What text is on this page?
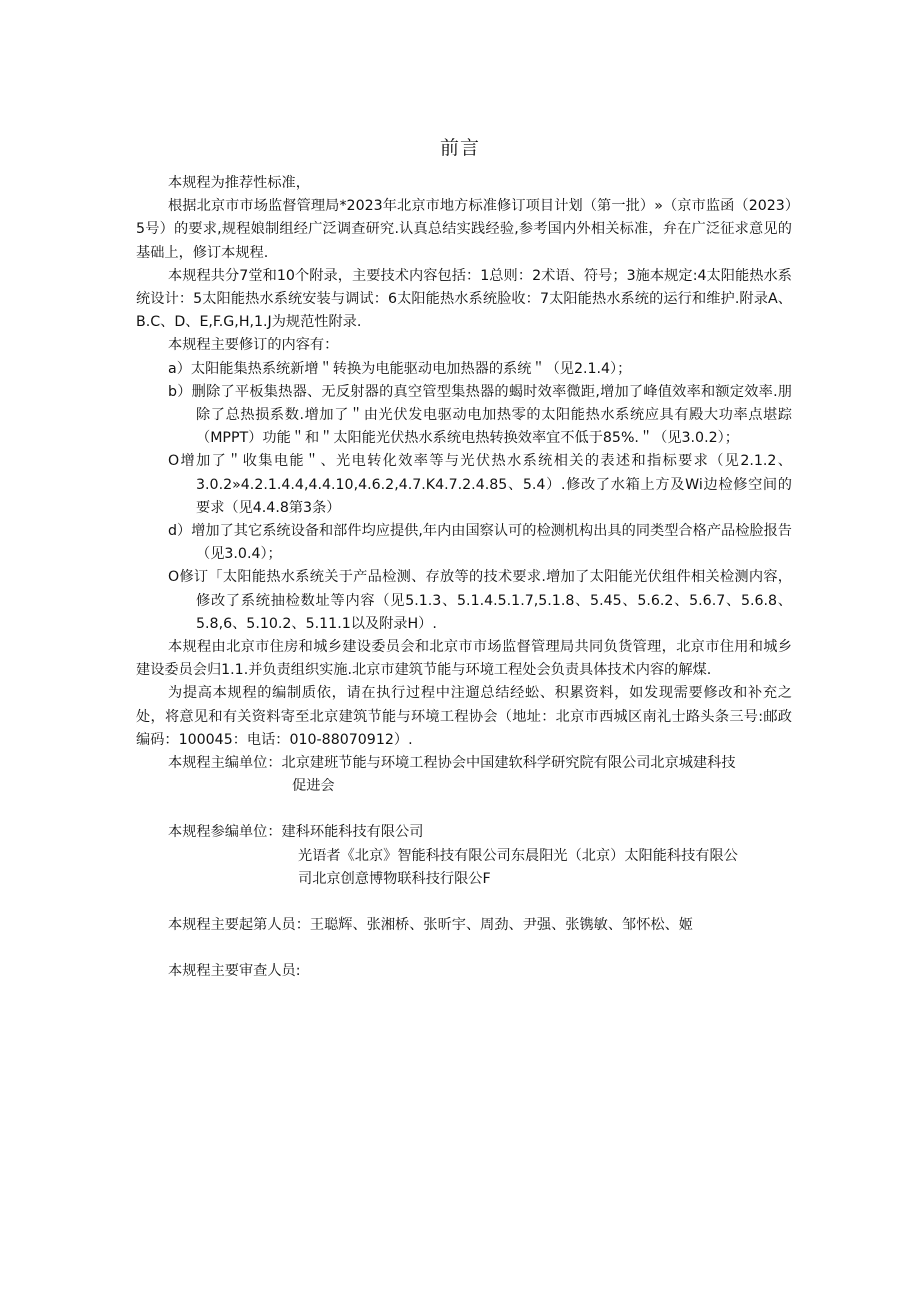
前言

本规程为推荐性标准，

根据北京市市场监督管理局*2023年北京市地方标准修订项目计划（第一批）»（京市监函（2023）5号）的要求,规程娘制组经广泛调查研究.认真总结实践经验,参考国内外相关标准，弁在广泛征求意见的基础上，修订本规程.

本规程共分7堂和10个附录，主要技术内容包括：1总则：2术语、符号；3施本规定:4太阳能热水系统设计：5太阳能热水系统安装与调试：6太阳能热水系统脸收：7太阳能热水系统的运行和维护.附录A、B.C、D、E,F.G,H,1.J为规范性附录.

本规程主要修订的内容有：

a）太阳能集热系统新增＂转换为电能驱动电加热器的系统＂（见2.1.4）；

b）删除了平板集热器、无反射器的真空管型集热器的蝎时效率微距,增加了峰值效率和额定效率.朋除了总热损系数.增加了＂由光伏发电驱动电加热零的太阳能热水系统应具有殿大功率点堪踪（MPPT）功能＂和＂太阳能光伏热水系统电热转换效率宜不低于85%.＂（见3.0.2）；

O增加了＂收集电能＂、光电转化效率等与光伏热水系统相关的表述和指标要求（见2.1.2、3.0.2»4.2.1.4.4,4.4.10,4.6.2,4.7.K4.7.2.4.85、5.4）.修改了水箱上方及Wi边检修空间的要求（见4.4.8第3条）

d）增加了其它系统设备和部件均应提供,年内由国察认可的检测机构出具的同类型合格产品检脸报告（见3.0.4）；

O修订「太阳能热水系统关于产品检测、存放等的技术要求.增加了太阳能光伏组件相关检测内容，修改了系统抽检数址等内容（见5.1.3、5.1.4.5.1.7,5.1.8、5.45、5.6.2、5.6.7、5.6.8、5.8,6、5.10.2、5.11.1以及附录H）.

本规程由北京市住房和城乡建设委员会和北京市市场监督管理局共同负货管理，北京市住用和城乡建设委员会归1.1.并负责组织实施.北京市建筑节能与环境工程处会负责具体技术内容的解煤.

为提高本规程的编制质依，请在执行过程中注遛总结经蚣、积累资料，如发现需要修改和补充之处，将意见和有关资料寄至北京建筑节能与环境工程协会（地址：北京市西城区南礼士路头条三号:邮政编码：100045：电话：010-88070912）.

本规程主编单位：北京建班节能与环境工程协会中国建软科学研究院有限公司北京城建科技

促进会

本规程参编单位：建科环能科技有限公司

光语者《北京》智能科技有限公司东晨阳光（北京）太阳能科技有限公

司北京创意博物联科技行限公F

本规程主要起第人员：王聪辉、张湘桥、张昕宇、周劲、尹强、张镌敏、邹怀松、姬

本规程主要审查人员:
